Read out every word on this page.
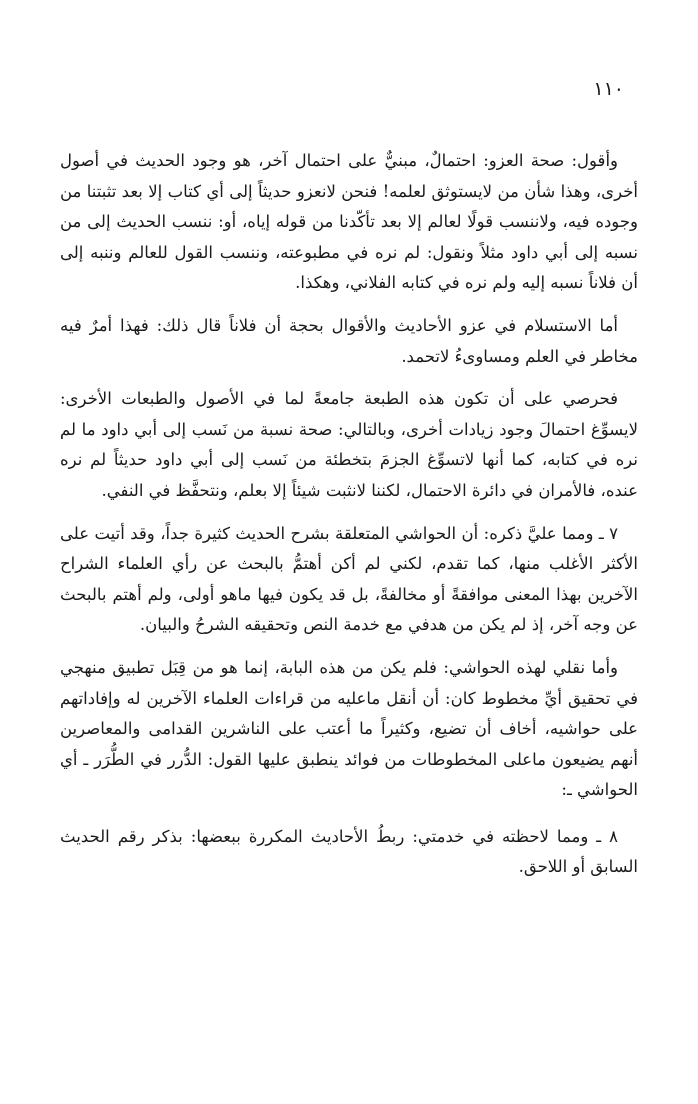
١١٠

وأقول: صحة العزو: احتمالٌ، مبنيٌّ على احتمال آخر، هو وجود الحديث في أصول أخرى، وهذا شأن من لايستوثق لعلمه! فنحن لانعزو حديثاً إلى أي كتاب إلا بعد تثبتنا من وجوده فيه، ولاننسب قولًا لعالم إلا بعد تأكّدنا من قوله إياه، أو: ننسب الحديث إلى من نسبه إلى أبي داود مثلاً ونقول: لم نره في مطبوعته، وننسب القول للعالم وننبه إلى أن فلاناً نسبه إليه ولم نره في كتابه الفلاني، وهكذا.

أما الاستسلام في عزو الأحاديث والأقوال بحجة أن فلاناً قال ذلك: فهذا أمرٌ فيه مخاطر في العلم ومساوىءُ لاتحمد.

فحرصي على أن تكون هذه الطبعة جامعةً لما في الأصول والطبعات الأخرى: لايسوِّغ احتمالَ وجود زيادات أخرى، وبالتالي: صحة نسبة من نَسب إلى أبي داود ما لم نره في كتابه، كما أنها لاتسوِّغ الجزمَ بتخطئة من نَسب إلى أبي داود حديثاً لم نره عنده، فالأمران في دائرة الاحتمال، لكننا لانثبت شيئاً إلا بعلم، ونتحفَّظ في النفي.

٧ ـ ومما عليَّ ذكره: أن الحواشي المتعلقة بشرح الحديث كثيرة جداً، وقد أتيت على الأكثر الأغلب منها، كما تقدم، لكني لم أكن أهتمُّ بالبحث عن رأي العلماء الشراح الآخرين بهذا المعنى موافقةً أو مخالفةً، بل قد يكون فيها ماهو أولى، ولم أهتم بالبحث عن وجه آخر، إذ لم يكن من هدفي مع خدمة النص وتحقيقه الشرحُ والبيان.

وأما نقلي لهذه الحواشي: فلم يكن من هذه البابة، إنما هو من قِبَل تطبيق منهجي في تحقيق أيِّ مخطوط كان: أن أنقل ماعليه من قراءات العلماء الآخرين له وإفاداتهم على حواشيه، أخاف أن تضيع، وكثيراً ما أعتب على الناشرين القدامى والمعاصرين أنهم يضيعون ماعلى المخطوطات من فوائد ينطبق عليها القول: الدُّرر في الطُّرَر ـ أي الحواشي ـ:

٨ ـ ومما لاحظته في خدمتي: ربطُ الأحاديث المكررة ببعضها: بذكر رقم الحديث السابق أو اللاحق.
